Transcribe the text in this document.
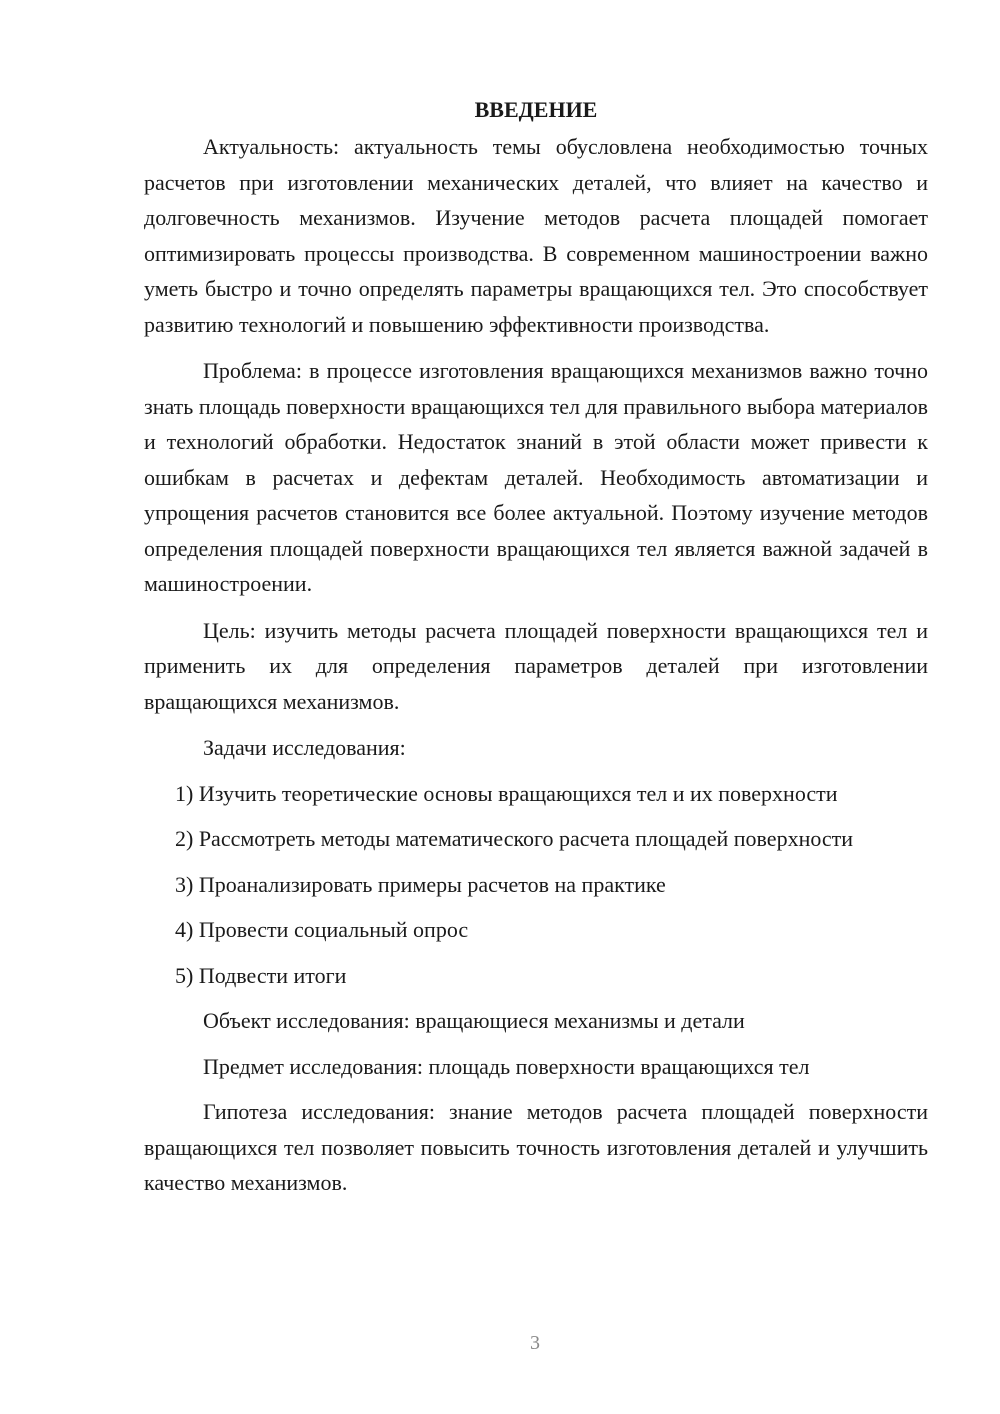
ВВЕДЕНИЕ

Актуальность: актуальность темы обусловлена необходимостью точных расчетов при изготовлении механических деталей, что влияет на качество и долговечность механизмов. Изучение методов расчета площадей помогает оптимизировать процессы производства. В современном машиностроении важно уметь быстро и точно определять параметры вращающихся тел. Это способствует развитию технологий и повышению эффективности производства.

Проблема: в процессе изготовления вращающихся механизмов важно точно знать площадь поверхности вращающихся тел для правильного выбора материалов и технологий обработки. Недостаток знаний в этой области может привести к ошибкам в расчетах и дефектам деталей. Необходимость автоматизации и упрощения расчетов становится все более актуальной. Поэтому изучение методов определения площадей поверхности вращающихся тел является важной задачей в машиностроении.

Цель: изучить методы расчета площадей поверхности вращающихся тел и применить их для определения параметров деталей при изготовлении вращающихся механизмов.

Задачи исследования:
1) Изучить теоретические основы вращающихся тел и их поверхности

2) Рассмотреть методы математического расчета площадей поверхности

3) Проанализировать примеры расчетов на практике
4) Провести социальный опрос
5) Подвести итоги
Объект исследования: вращающиеся механизмы и детали
Предмет исследования: площадь поверхности вращающихся тел

Гипотеза исследования: знание методов расчета площадей поверхности вращающихся тел позволяет повысить точность изготовления деталей и улучшить качество механизмов.

3
